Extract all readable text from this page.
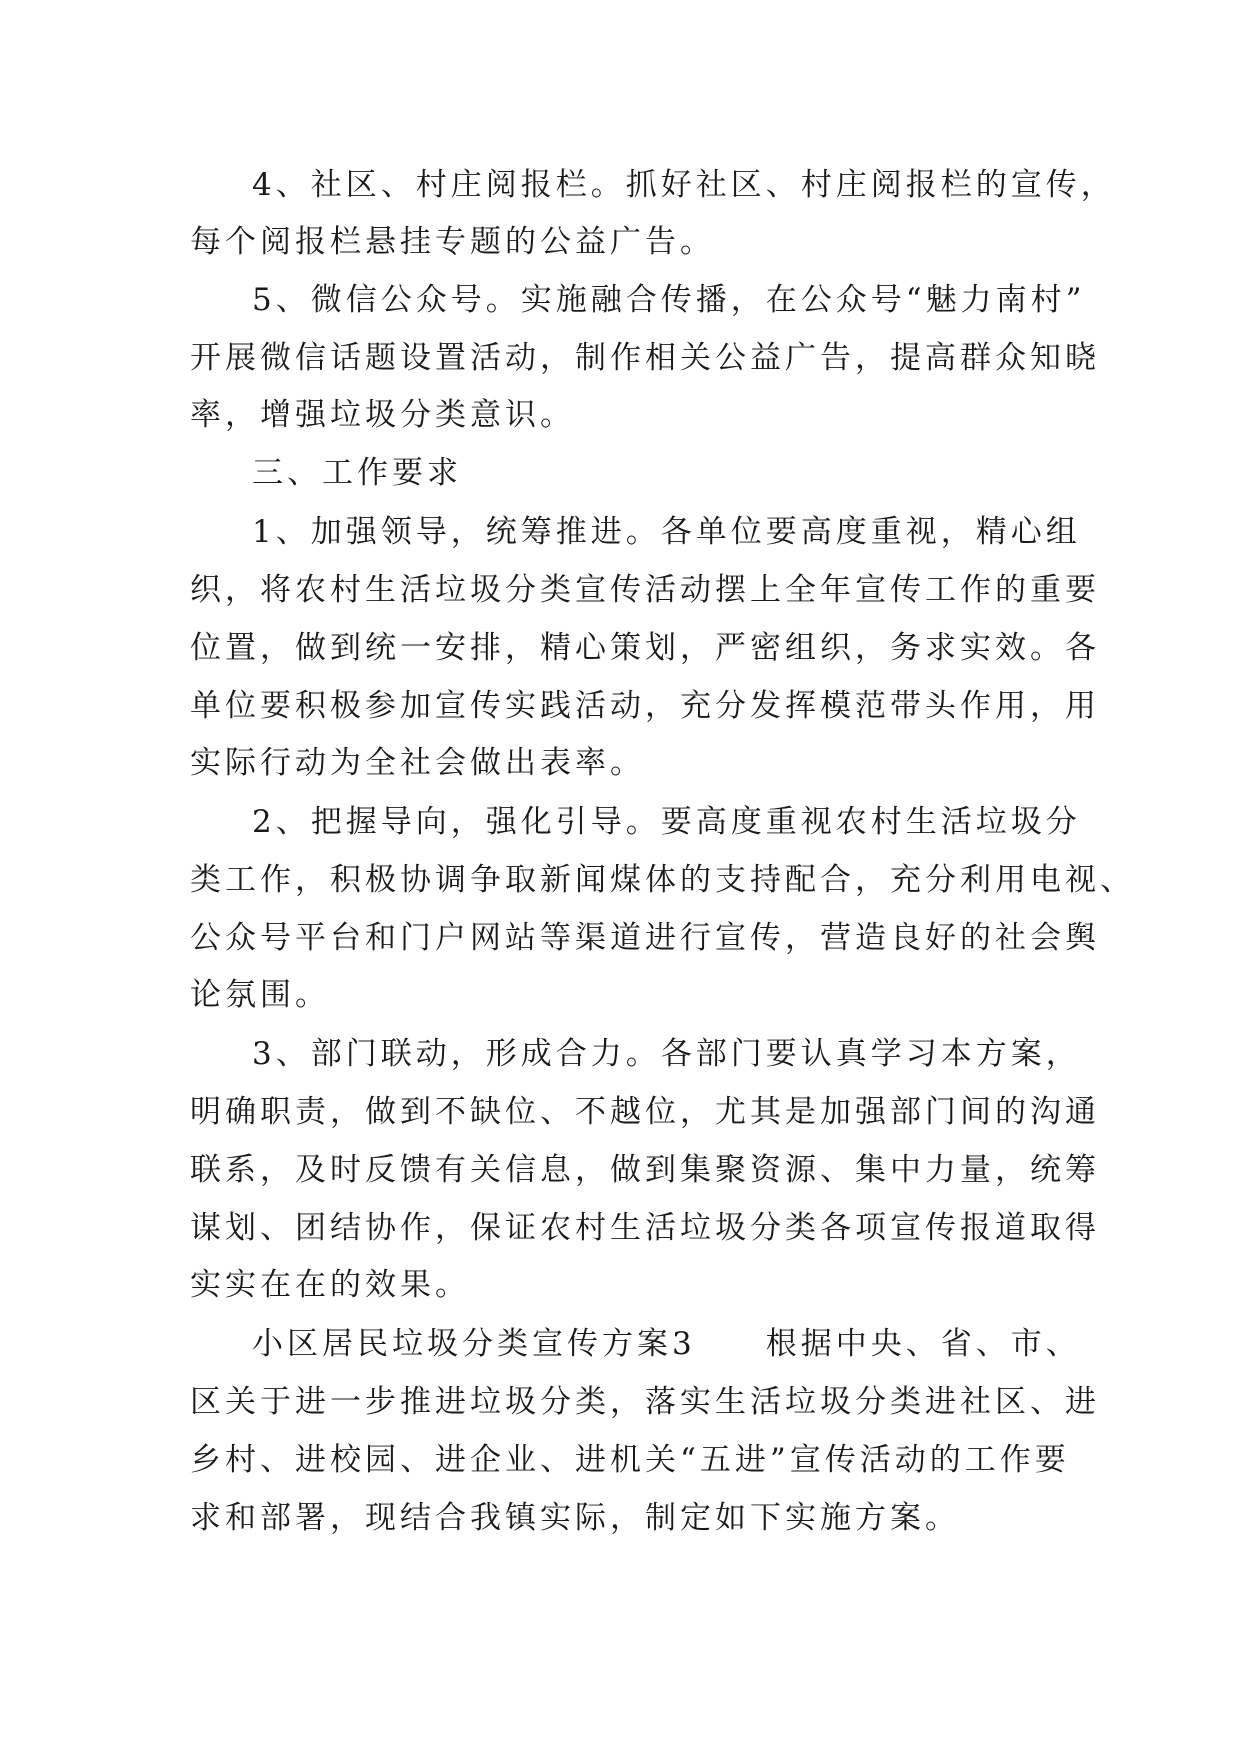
4、社区、村庄阅报栏。抓好社区、村庄阅报栏的宣传，
每个阅报栏悬挂专题的公益广告。
5、微信公众号。实施融合传播，在公众号“魅力南村”
开展微信话题设置活动，制作相关公益广告，提高群众知晓
率，增强垃圾分类意识。
三、工作要求
1、加强领导，统筹推进。各单位要高度重视，精心组
织，将农村生活垃圾分类宣传活动摆上全年宣传工作的重要
位置，做到统一安排，精心策划，严密组织，务求实效。各
单位要积极参加宣传实践活动，充分发挥模范带头作用，用
实际行动为全社会做出表率。
2、把握导向，强化引导。要高度重视农村生活垃圾分
类工作，积极协调争取新闻煤体的支持配合，充分利用电视、
公众号平台和门户网站等渠道进行宣传，营造良好的社会舆
论氛围。
3、部门联动，形成合力。各部门要认真学习本方案，
明确职责，做到不缺位、不越位，尤其是加强部门间的沟通
联系，及时反馈有关信息，做到集聚资源、集中力量，统筹
谋划、团结协作，保证农村生活垃圾分类各项宣传报道取得
实实在在的效果。
小区居民垃圾分类宣传方案3　　根据中央、省、市、
区关于进一步推进垃圾分类，落实生活垃圾分类进社区、进
乡村、进校园、进企业、进机关“五进”宣传活动的工作要
求和部署，现结合我镇实际，制定如下实施方案。
